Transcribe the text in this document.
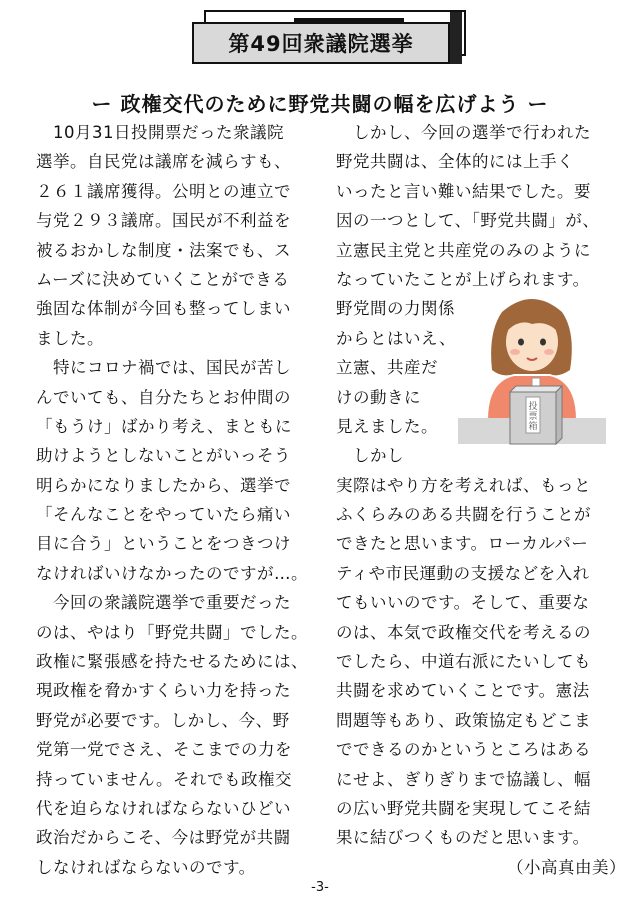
第49回衆議院選挙
ー 政権交代のために野党共闘の幅を広げよう ー
　10月31日投開票だった衆議院
選挙。自民党は議席を減らすも、
２６１議席獲得。公明との連立で
与党２９３議席。国民が不利益を
被るおかしな制度・法案でも、ス
ムーズに決めていくことができる
強固な体制が今回も整ってしまい
ました。
　特にコロナ禍では、国民が苦し
んでいても、自分たちとお仲間の
「もうけ」ばかり考え、まともに
助けようとしないことがいっそう
明らかになりましたから、選挙で
「そんなことをやっていたら痛い
目に合う」ということをつきつけ
なければいけなかったのですが…。
　今回の衆議院選挙で重要だった
のは、やはり「野党共闘」でした。
政権に緊張感を持たせるためには、
現政権を脅かすくらい力を持った
野党が必要です。しかし、今、野
党第一党でさえ、そこまでの力を
持っていません。それでも政権交
代を迫らなければならないひどい
政治だからこそ、今は野党が共闘
しなければならないのです。
　しかし、今回の選挙で行われた
野党共闘は、全体的には上手く
いったと言い難い結果でした。要
因の一つとして、「野党共闘」が、
立憲民主党と共産党のみのように
なっていたことが上げられます。
野党間の力関係
からとはいえ、
立憲、共産だ
けの動きに
見えました。
　しかし
実際はやり方を考えれば、もっと
ふくらみのある共闘を行うことが
できたと思います。ローカルパー
ティや市民運動の支援などを入れ
てもいいのです。そして、重要な
のは、本気で政権交代を考えるの
でしたら、中道右派にたいしても
共闘を求めていくことです。憲法
問題等もあり、政策協定もどこま
でできるのかというところはある
にせよ、ぎりぎりまで協議し、幅
の広い野党共闘を実現してこそ結
果に結びつくものだと思います。
（小高真由美）
投
票
箱
-3-
